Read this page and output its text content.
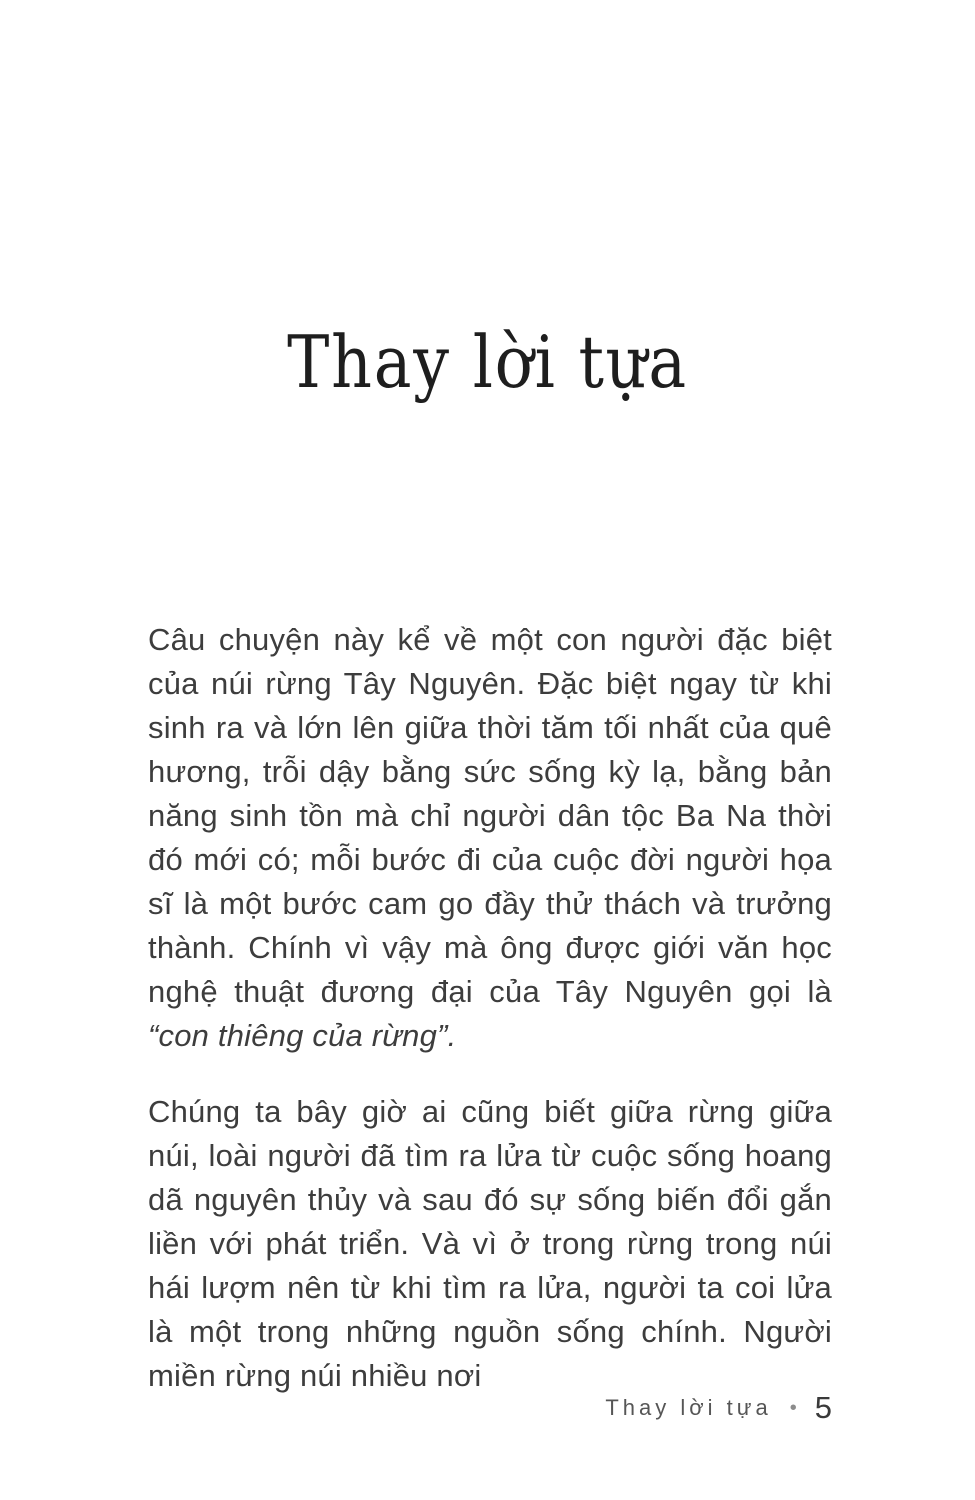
Thay lời tựa

Câu chuyện này kể về một con người đặc biệt của núi rừng Tây Nguyên. Đặc biệt ngay từ khi sinh ra và lớn lên giữa thời tăm tối nhất của quê hương, trỗi dậy bằng sức sống kỳ lạ, bằng bản năng sinh tồn mà chỉ người dân tộc Ba Na thời đó mới có; mỗi bước đi của cuộc đời người họa sĩ là một bước cam go đầy thử thách và trưởng thành. Chính vì vậy mà ông được giới văn học nghệ thuật đương đại của Tây Nguyên gọi là “con thiêng của rừng”.

Chúng ta bây giờ ai cũng biết giữa rừng giữa núi, loài người đã tìm ra lửa từ cuộc sống hoang dã nguyên thủy và sau đó sự sống biến đổi gắn liền với phát triển. Và vì ở trong rừng trong núi hái lượm nên từ khi tìm ra lửa, người ta coi lửa là một trong những nguồn sống chính. Người miền rừng núi nhiều nơi

Thay lời tựa • 5
